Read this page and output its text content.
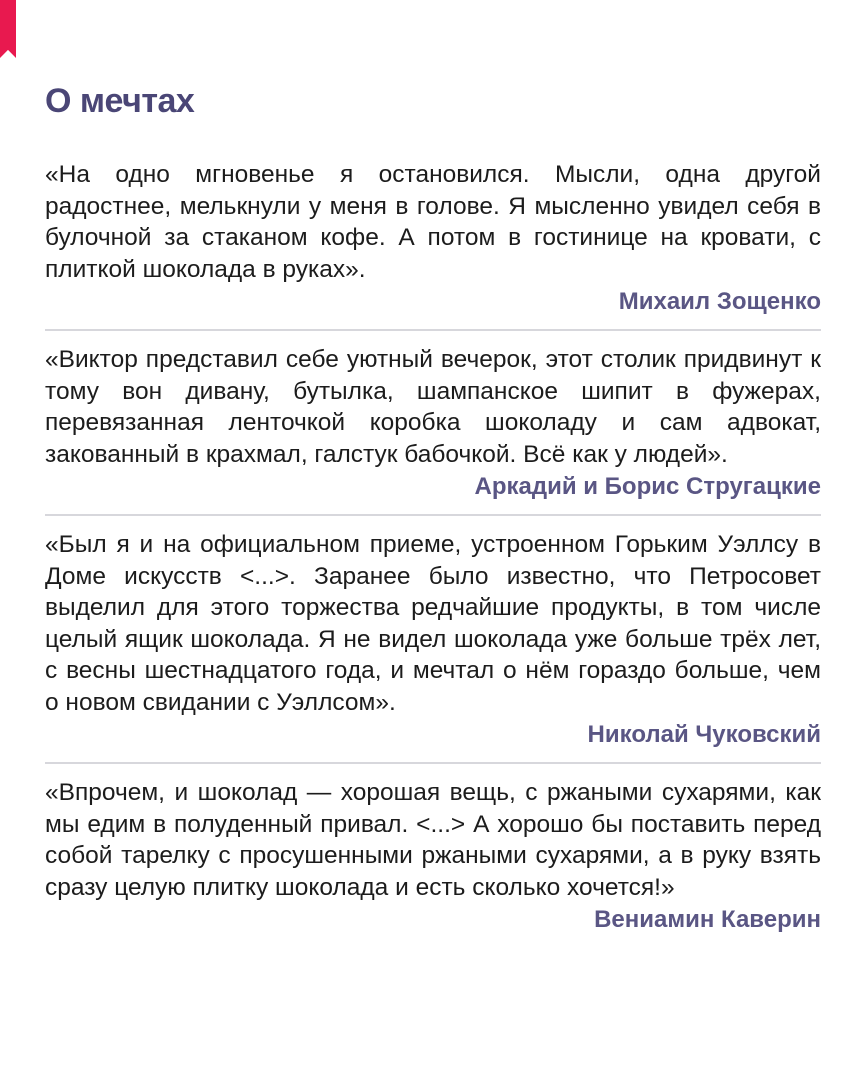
О мечтах

«На одно мгновенье я остановился. Мысли, одна другой радостнее, мелькнули у меня в голове. Я мысленно увидел себя в булочной за стаканом кофе. А потом в гостинице на кровати, с плиткой шоколада в руках».

Михаил Зощенко

«Виктор представил себе уютный вечерок, этот столик придвинут к тому вон дивану, бутылка, шампанское шипит в фужерах, перевязанная ленточкой коробка шоколаду и сам адвокат, закованный в крахмал, галстук бабочкой. Всё как у людей».

Аркадий и Борис Стругацкие

«Был я и на официальном приеме, устроенном Горьким Уэллсу в Доме искусств <...>. Заранее было известно, что Петросовет выделил для этого торжества редчайшие продукты, в том числе целый ящик шоколада. Я не видел шоколада уже больше трёх лет, с весны шестнадцатого года, и мечтал о нём гораздо больше, чем о новом свидании с Уэллсом».

Николай Чуковский

«Впрочем, и шоколад — хорошая вещь, с ржаными сухарями, как мы едим в полуденный привал. <...> А хорошо бы поставить перед собой тарелку с просушенными ржаными сухарями, а в руку взять сразу целую плитку шоколада и есть сколько хочется!»

Вениамин Каверин
